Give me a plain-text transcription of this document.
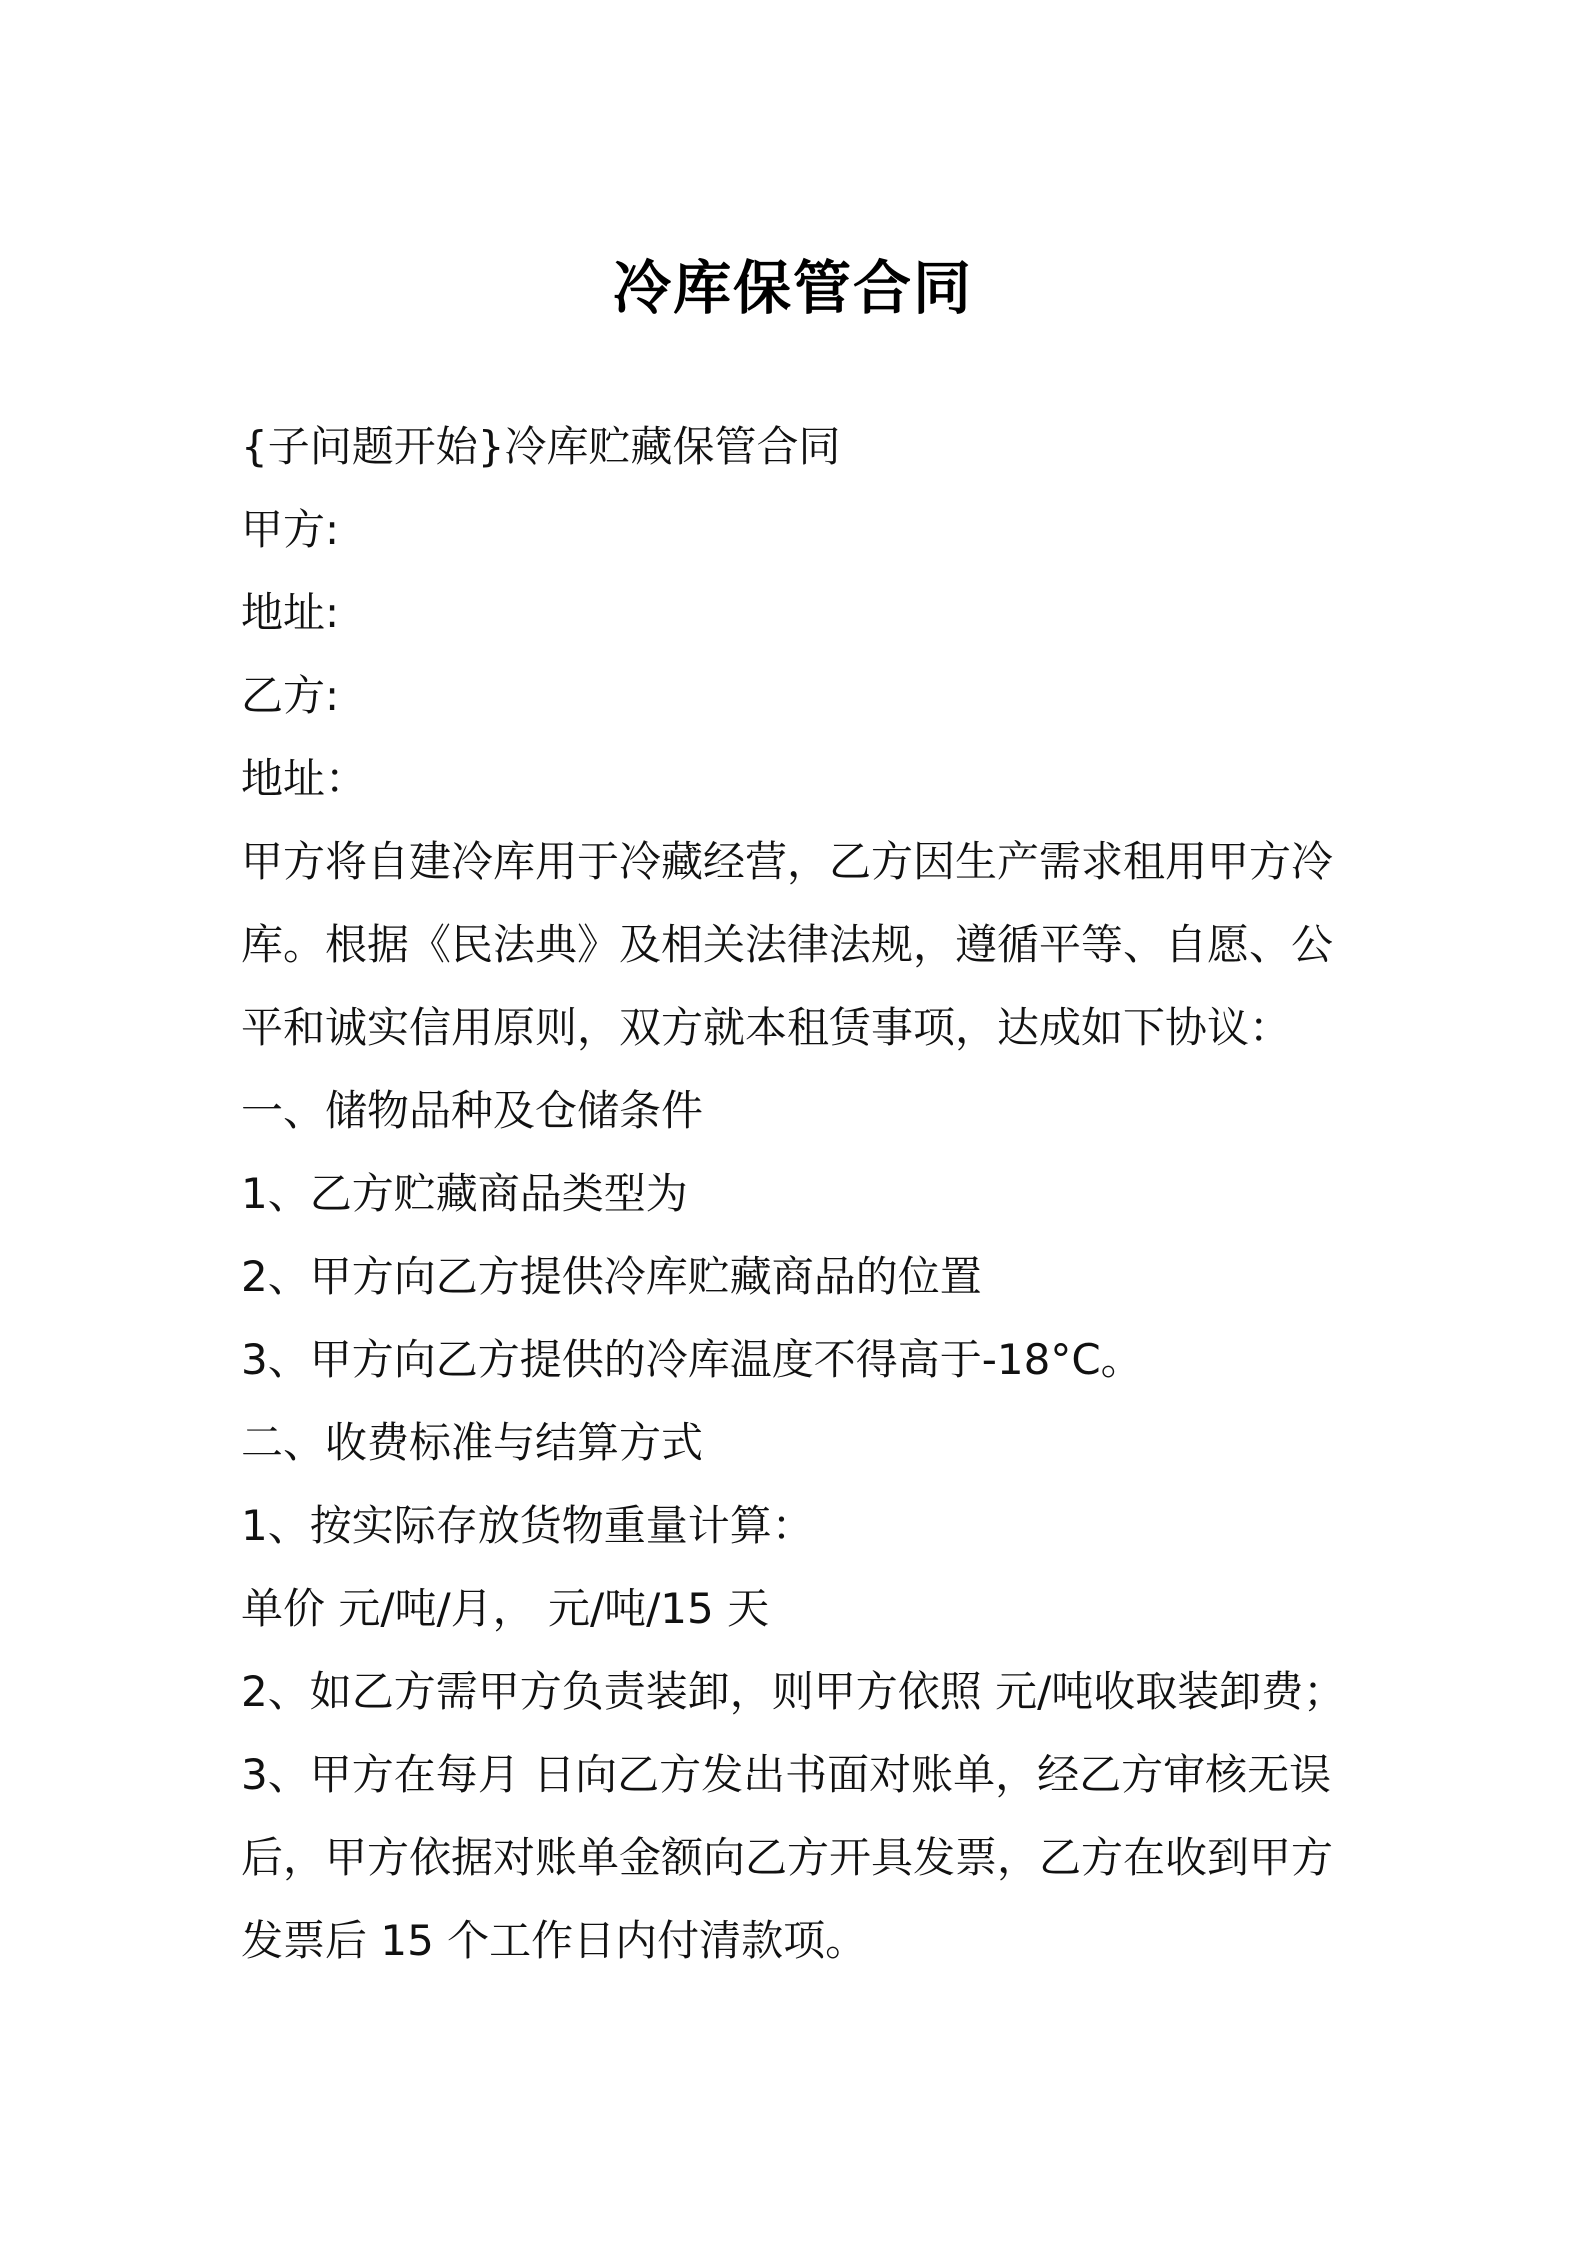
冷库保管合同
{子问题开始}冷库贮藏保管合同
甲方:
地址:
乙方:
地址：
甲方将自建冷库用于冷藏经营，乙方因生产需求租用甲方冷
库。根据《民法典》及相关法律法规，遵循平等、自愿、公
平和诚实信用原则，双方就本租赁事项，达成如下协议：
一、储物品种及仓储条件
1、乙方贮藏商品类型为
2、甲方向乙方提供冷库贮藏商品的位置
3、甲方向乙方提供的冷库温度不得高于-18°C。
二、收费标准与结算方式
1、按实际存放货物重量计算：
单价 元/吨/月， 元/吨/15 天
2、如乙方需甲方负责装卸，则甲方依照 元/吨收取装卸费；
3、甲方在每月 日向乙方发出书面对账单，经乙方审核无误
后，甲方依据对账单金额向乙方开具发票，乙方在收到甲方
发票后 15 个工作日内付清款项。
